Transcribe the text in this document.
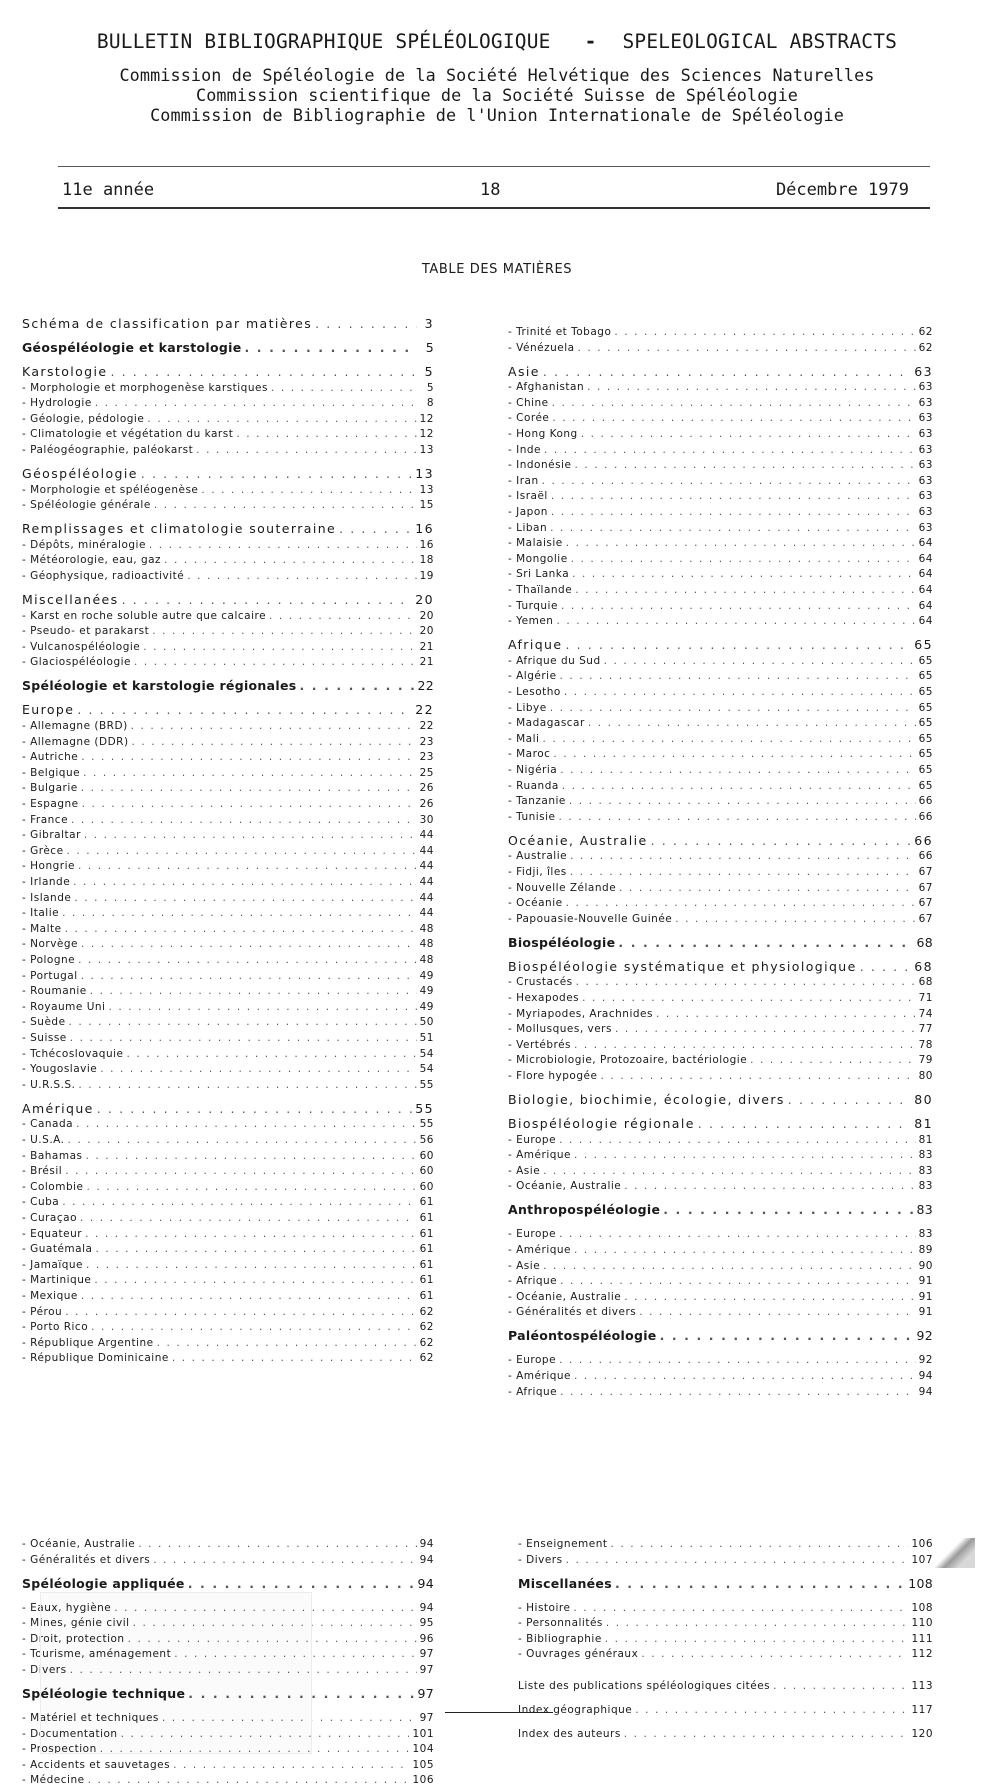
BULLETIN BIBLIOGRAPHIQUE SPÉLÉOLOGIQUE - SPELEOLOGICAL ABSTRACTS
Commission de Spéléologie de la Société Helvétique des Sciences Naturelles
Commission scientifique de la Société Suisse de Spéléologie
Commission de Bibliographie de l'Union Internationale de Spéléologie
11e année	18	Décembre 1979
TABLE DES MATIÈRES
Schéma de classification par matières . . .	3
Géospéléologie et karstologie . . .	5
Karstologie . . .	5
- Morphologie et morphogenèse karstiques . . .	5
- Hydrologie . . .	8
- Géologie, pédologie . . .	12
- Climatologie et végétation du karst . . .	12
- Paléogéographie, paléokarst . . .	13
Géospéléologie . . .	13
- Morphologie et spéléogenèse . . .	13
- Spéléologie générale . . .	15
Remplissages et climatologie souterraine . . .	16
- Dépôts, minéralogie . . .	16
- Météorologie, eau, gaz . . .	18
- Géophysique, radioactivité . . .	19
Miscellanées . . .	20
- Karst en roche soluble autre que calcaire . . .	20
- Pseudo- et parakarst . . .	20
- Vulcanospéléologie . . .	21
- Glaciospéléologie . . .	21
Spéléologie et karstologie régionales . . .	22
Europe . . .	22
- Allemagne (BRD) . . .	22
- Allemagne (DDR) . . .	23
- Autriche . . .	23
- Belgique . . .	25
- Bulgarie . . .	26
- Espagne . . .	26
- France . . .	30
- Gibraltar . . .	44
- Grèce . . .	44
- Hongrie . . .	44
- Irlande . . .	44
- Islande . . .	44
- Italie . . .	44
- Malte . . .	48
- Norvège . . .	48
- Pologne . . .	48
- Portugal . . .	49
- Roumanie . . .	49
- Royaume Uni . . .	49
- Suède . . .	50
- Suisse . . .	51
- Tchécoslovaquie . . .	54
- Yougoslavie . . .	54
- U.R.S.S. . . .	55
Amérique . . .	55
- Canada . . .	55
- U.S.A. . . .	56
- Bahamas . . .	60
- Brésil . . .	60
- Colombie . . .	60
- Cuba . . .	61
- Curaçao . . .	61
- Equateur . . .	61
- Guatémala . . .	61
- Jamaïque . . .	61
- Martinique . . .	61
- Mexique . . .	61
- Pérou . . .	62
- Porto Rico . . .	62
- République Argentine . . .	62
- République Dominicaine . . .	62
- Trinité et Tobago . . .	62
- Vénézuela . . .	62
Asie . . .	63
- Afghanistan . . .	63
- Chine . . .	63
- Corée . . .	63
- Hong Kong . . .	63
- Inde . . .	63
- Indonésie . . .	63
- Iran . . .	63
- Israël . . .	63
- Japon . . .	63
- Liban . . .	63
- Malaisie . . .	64
- Mongolie . . .	64
- Sri Lanka . . .	64
- Thaïlande . . .	64
- Turquie . . .	64
- Yemen . . .	64
Afrique . . .	65
- Afrique du Sud . . .	65
- Algérie . . .	65
- Lesotho . . .	65
- Libye . . .	65
- Madagascar . . .	65
- Mali . . .	65
- Maroc . . .	65
- Nigéria . . .	65
- Ruanda . . .	65
- Tanzanie . . .	66
- Tunisie . . .	66
Océanie, Australie . . .	66
- Australie . . .	66
- Fidji, îles . . .	67
- Nouvelle Zélande . . .	67
- Océanie . . .	67
- Papouasie-Nouvelle Guinée . . .	67
Biospéléologie . . .	68
Biospéléologie systématique et physiologique . . .	68
- Crustacés . . .	68
- Hexapodes . . .	71
- Myriapodes, Arachnides . . .	74
- Mollusques, vers . . .	77
- Vertébrés . . .	78
- Microbiologie, Protozoaire, bactériologie . . .	79
- Flore hypogée . . .	80
Biologie, biochimie, écologie, divers . . .	80
Biospéléologie régionale . . .	81
- Europe . . .	81
- Amérique . . .	83
- Asie . . .	83
- Océanie, Australie . . .	83
Anthropospéléologie . . .	83
- Europe . . .	83
- Amérique . . .	89
- Asie . . .	90
- Afrique . . .	91
- Océanie, Australie . . .	91
- Généralités et divers . . .	91
Paléontospéléologie . . .	92
- Europe . . .	92
- Amérique . . .	94
- Afrique . . .	94
- Océanie, Australie . . .	94
- Généralités et divers . . .	94
Spéléologie appliquée . . .	94
- Eaux, hygiène . . .	94
- Mines, génie civil . . .	95
- Droit, protection . . .	96
- Tourisme, aménagement . . .	97
- Divers . . .	97
Spéléologie technique . . .	97
- Matériel et techniques . . .	97
- Documentation . . .	101
- Prospection . . .	104
- Accidents et sauvetages . . .	105
- Médecine . . .	106
- Enseignement . . .	106
- Divers . . .	107
Miscellanées . . .	108
- Histoire . . .	108
- Personnalités . . .	110
- Bibliographie . . .	111
- Ouvrages généraux . . .	112
Liste des publications spéléologiques citées . . .	113
Index géographique . . .	117
Index des auteurs . . .	120
